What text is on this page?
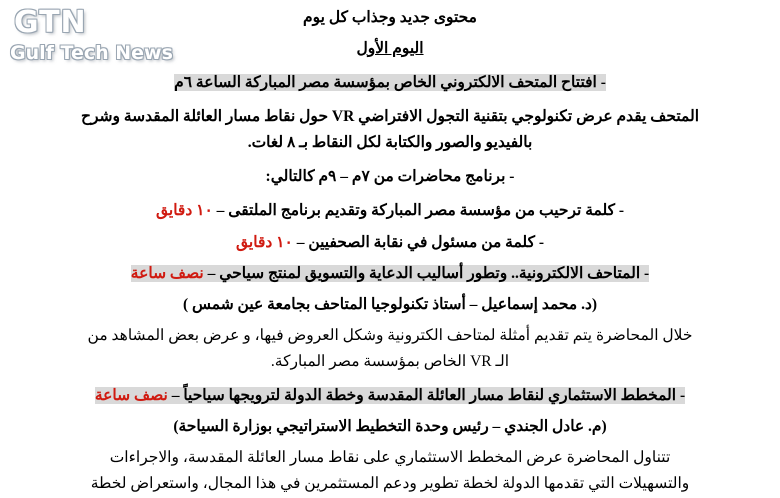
GTN
Gulf Tech News
محتوى جديد وجذاب كل يوم
اليوم الأول
- افتتاح المتحف الالكتروني الخاص بمؤسسة مصر المباركة الساعة ٦م
المتحف يقدم عرض تكنولوجي بتقنية التجول الافتراضي VR حول نقاط مسار العائلة المقدسة وشرح
بالفيديو والصور والكتابة لكل النقاط بـ ٨ لغات.
- برنامج محاضرات من ٧م – ٩م كالتالي:
- كلمة ترحيب من مؤسسة مصر المباركة وتقديم برنامج الملتقى – ١٠ دقايق
- كلمة من مسئول في نقابة الصحفيين – ١٠ دقايق
- المتاحف الالكترونية.. وتطور أساليب الدعاية والتسويق لمنتج سياحي – نصف ساعة
(د. محمد إسماعيل – أستاذ تكنولوجيا المتاحف بجامعة عين شمس )
خلال المحاضرة يتم تقديم أمثلة لمتاحف الكترونية وشكل العروض فيها، و عرض بعض المشاهد من
الـ VR الخاص بمؤسسة مصر المباركة.
- المخطط الاستثماري لنقاط مسار العائلة المقدسة وخطة الدولة لترويجها سياحياً – نصف ساعة
(م. عادل الجندي – رئيس وحدة التخطيط الاستراتيجي بوزارة السياحة)
تتناول المحاضرة عرض المخطط الاستثماري على نقاط مسار العائلة المقدسة، والاجراءات
والتسهيلات التي تقدمها الدولة لخطة تطوير ودعم المستثمرين في هذا المجال، واستعراض لخطة
